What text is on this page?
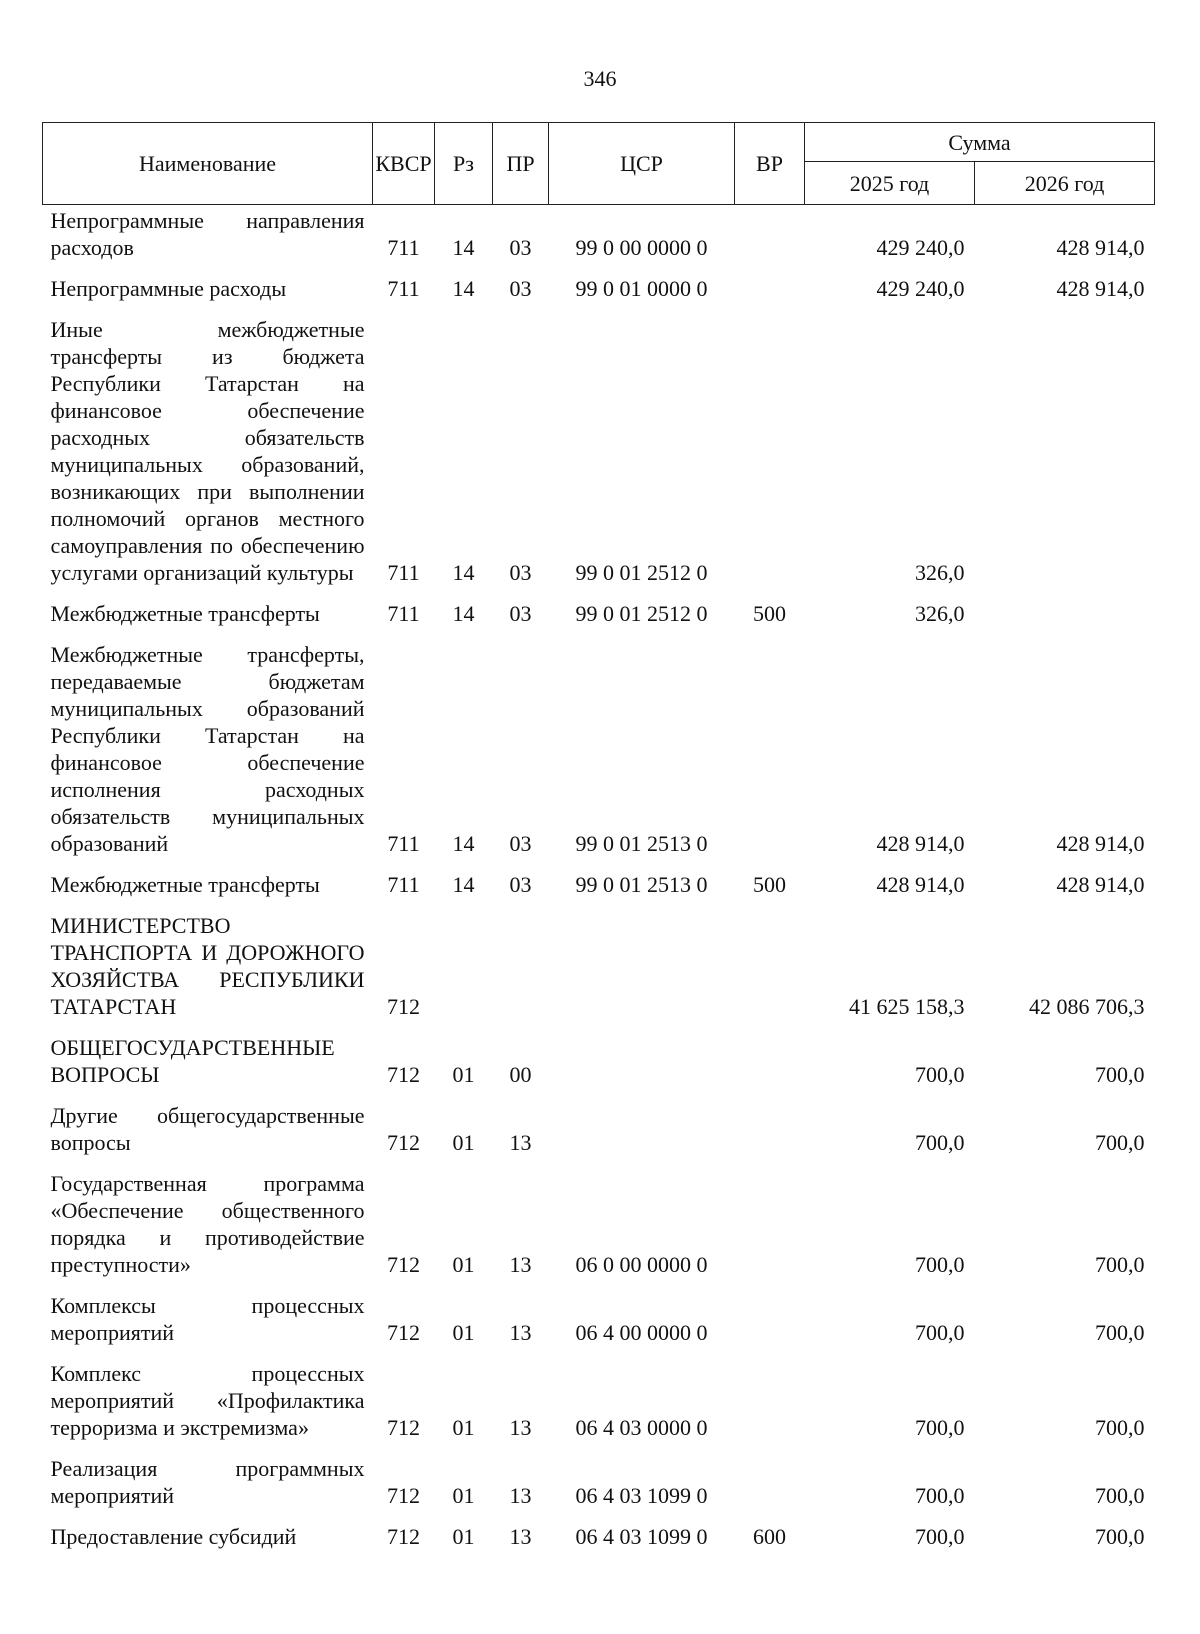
346
Наименование	КВСР	Рз	ПР	ЦСР	ВР	Сумма	
						2025 год	2026 год
Непрограммные направления расходов	711	14	03	99 0 00 0000 0		429 240,0	428 914,0
Непрограммные расходы	711	14	03	99 0 01 0000 0		429 240,0	428 914,0
Иные межбюджетные трансферты из бюджета Республики Татарстан на финансовое обеспечение расходных обязательств муниципальных образований, возникающих при выполнении полномочий органов местного самоуправления по обеспечению услугами организаций культуры	711	14	03	99 0 01 2512 0		326,0	
Межбюджетные трансферты	711	14	03	99 0 01 2512 0	500	326,0	
Межбюджетные трансферты, передаваемые бюджетам муниципальных образований Республики Татарстан на финансовое обеспечение исполнения расходных обязательств муниципальных образований	711	14	03	99 0 01 2513 0		428 914,0	428 914,0
Межбюджетные трансферты	711	14	03	99 0 01 2513 0	500	428 914,0	428 914,0
МИНИСТЕРСТВО ТРАНСПОРТА И ДОРОЖНОГО ХОЗЯЙСТВА РЕСПУБЛИКИ ТАТАРСТАН	712					41 625 158,3	42 086 706,3
ОБЩЕГОСУДАРСТВЕННЫЕ ВОПРОСЫ	712	01	00			700,0	700,0
Другие общегосударственные вопросы	712	01	13			700,0	700,0
Государственная программа «Обеспечение общественного порядка и противодействие преступности»	712	01	13	06 0 00 0000 0		700,0	700,0
Комплексы процессных мероприятий	712	01	13	06 4 00 0000 0		700,0	700,0
Комплекс процессных мероприятий «Профилактика терроризма и экстремизма»	712	01	13	06 4 03 0000 0		700,0	700,0
Реализация программных мероприятий	712	01	13	06 4 03 1099 0		700,0	700,0
Предоставление субсидий	712	01	13	06 4 03 1099 0	600	700,0	700,0
